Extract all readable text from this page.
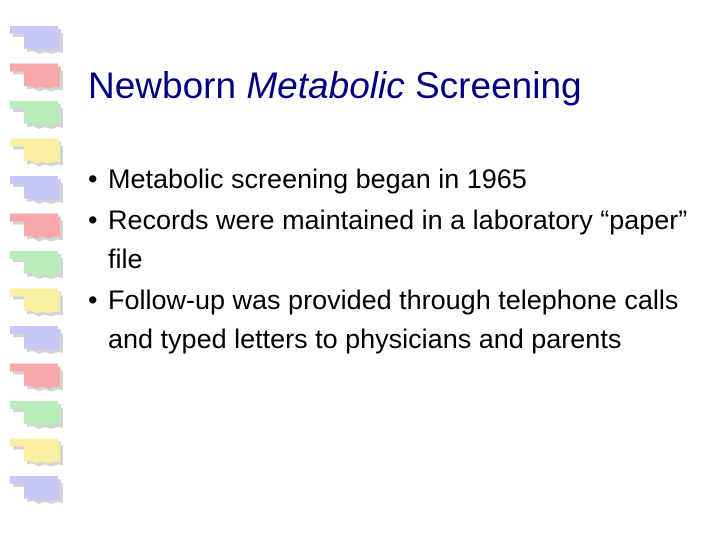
Newborn Metabolic Screening
• Metabolic screening began in 1965
• Records were maintained in a laboratory “paper” file
• Follow-up was provided through telephone calls and typed letters to physicians and parents
